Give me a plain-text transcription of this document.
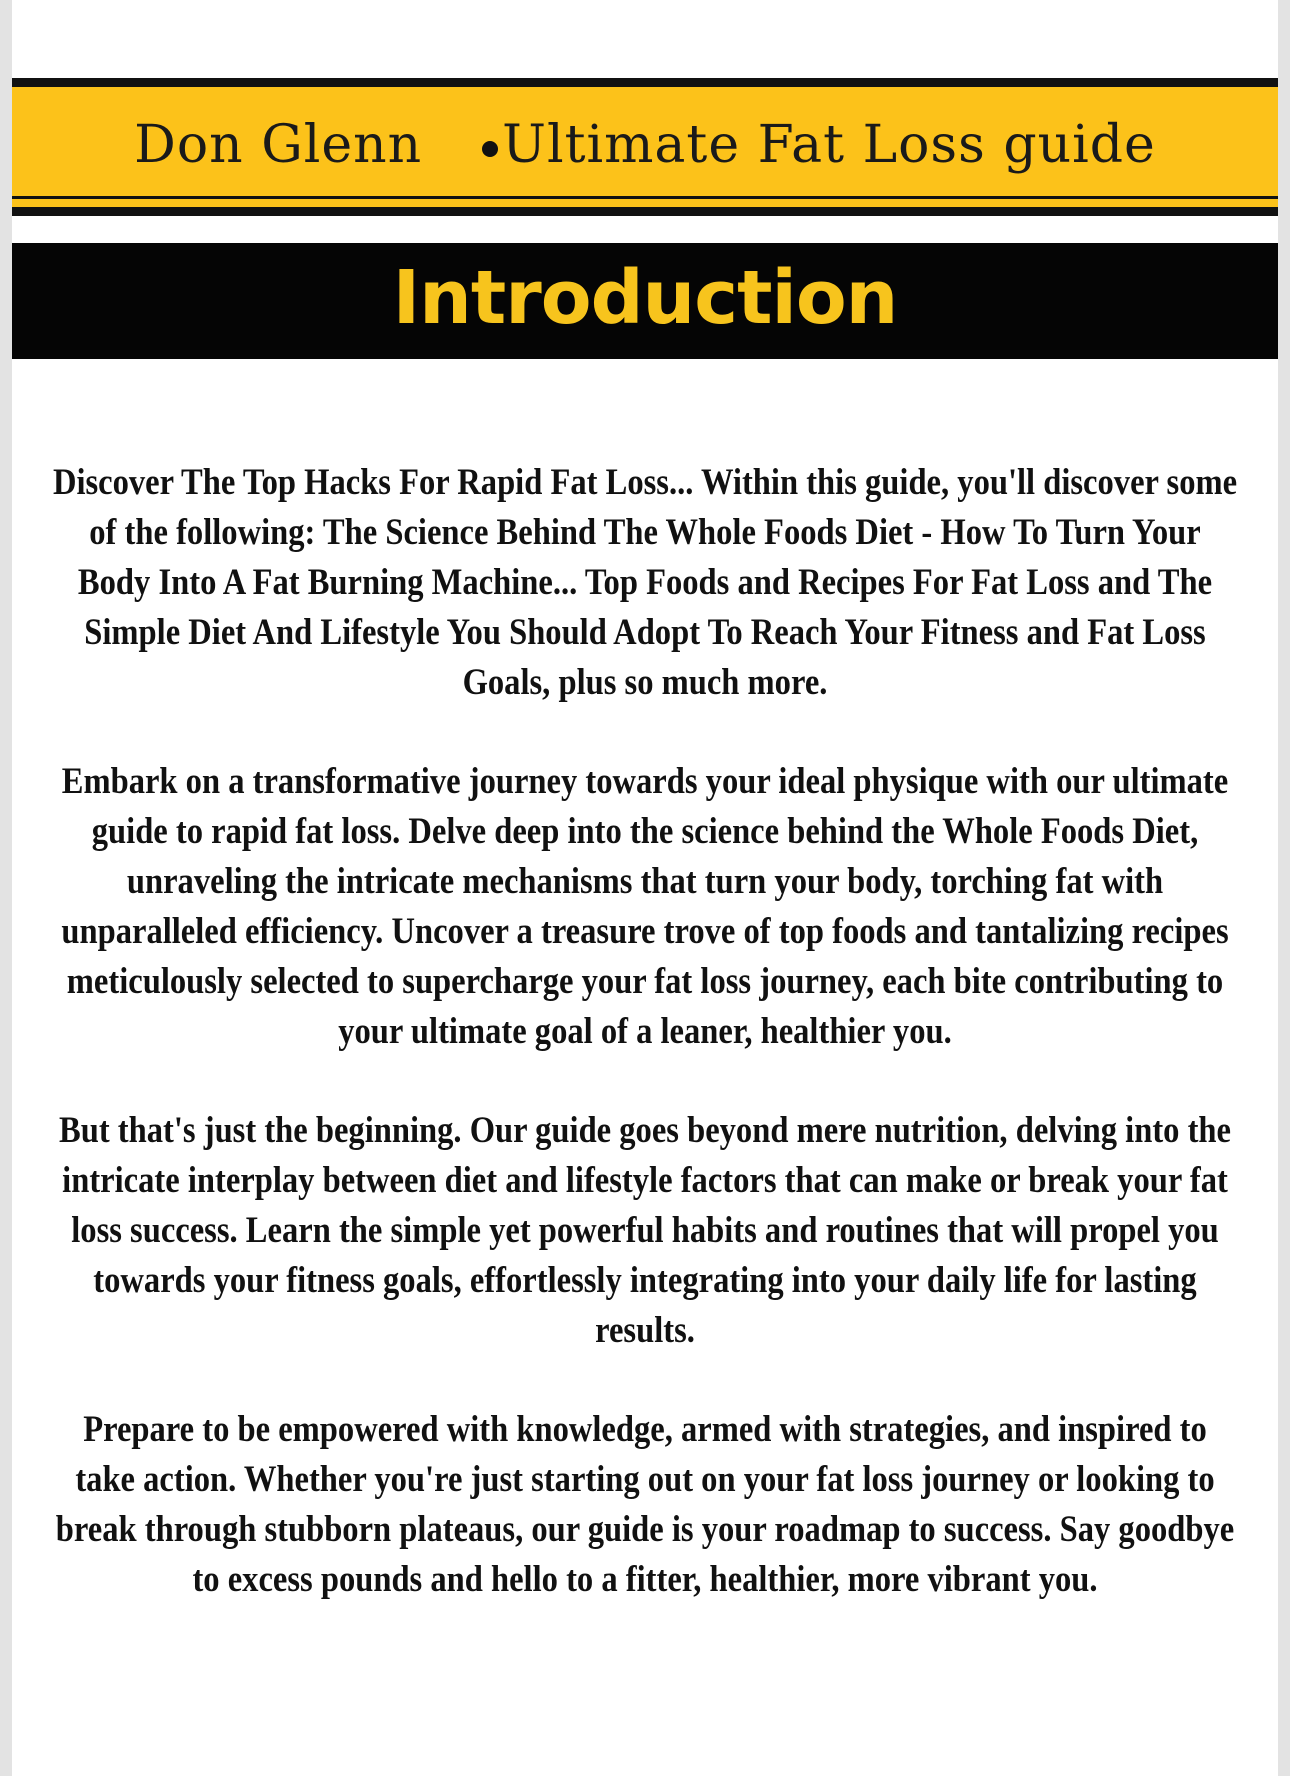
Don Glenn Ultimate Fat Loss guide
Introduction

Discover The Top Hacks For Rapid Fat Loss... Within this guide, you'll discover some of the following: The Science Behind The Whole Foods Diet - How To Turn Your Body Into A Fat Burning Machine... Top Foods and Recipes For Fat Loss and The Simple Diet And Lifestyle You Should Adopt To Reach Your Fitness and Fat Loss Goals, plus so much more.

Embark on a transformative journey towards your ideal physique with our ultimate guide to rapid fat loss. Delve deep into the science behind the Whole Foods Diet, unraveling the intricate mechanisms that turn your body, torching fat with unparalleled efficiency. Uncover a treasure trove of top foods and tantalizing recipes meticulously selected to supercharge your fat loss journey, each bite contributing to your ultimate goal of a leaner, healthier you.

But that's just the beginning. Our guide goes beyond mere nutrition, delving into the intricate interplay between diet and lifestyle factors that can make or break your fat loss success. Learn the simple yet powerful habits and routines that will propel you towards your fitness goals, effortlessly integrating into your daily life for lasting results.

Prepare to be empowered with knowledge, armed with strategies, and inspired to take action. Whether you're just starting out on your fat loss journey or looking to break through stubborn plateaus, our guide is your roadmap to success. Say goodbye to excess pounds and hello to a fitter, healthier, more vibrant you.
